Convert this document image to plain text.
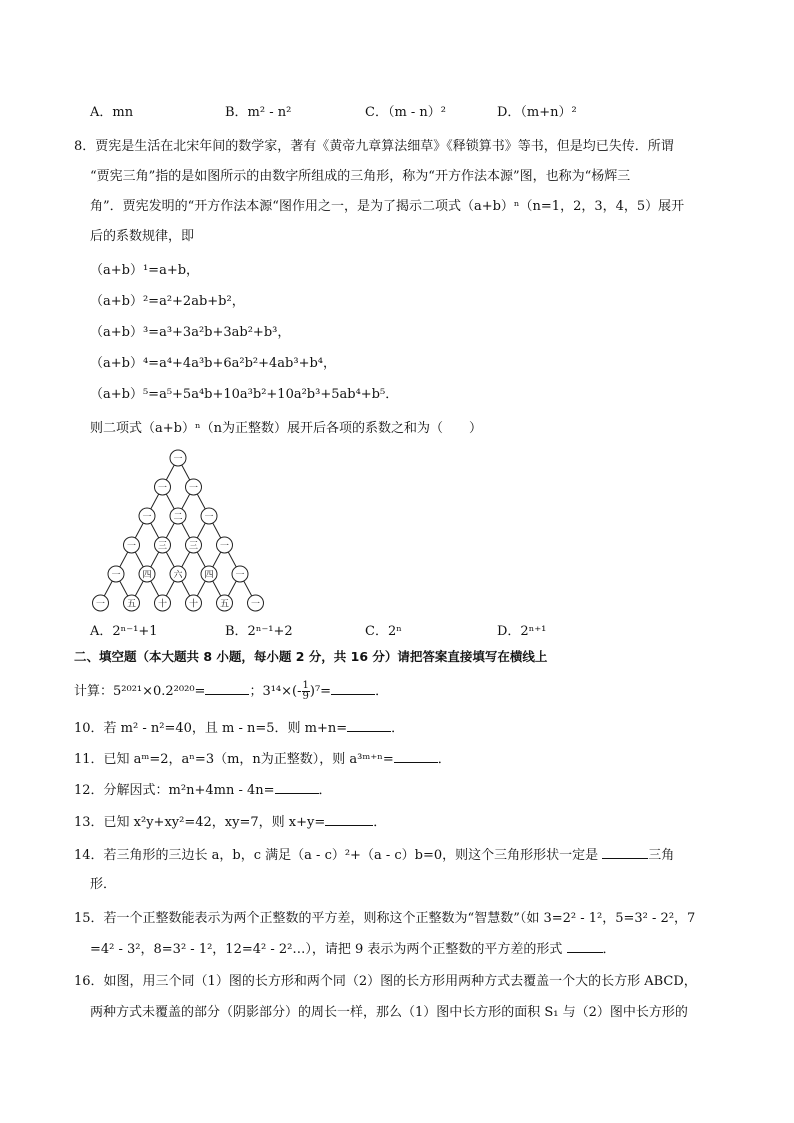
A．mn	B．m² - n²	C．（m - n）²	D．（m+n）²
8．贾宪是生活在北宋年间的数学家，著有《黄帝九章算法细草》《释锁算书》等书，但是均已失传．所谓
“贾宪三角”指的是如图所示的由数字所组成的三角形，称为“开方作法本源”图，也称为“杨辉三
角”．贾宪发明的“开方作法本源“图作用之一，是为了揭示二项式（a+b）ⁿ（n=1，2，3，4，5）展开
后的系数规律，即
（a+b）¹=a+b，
（a+b）²=a²+2ab+b²，
（a+b）³=a³+3a²b+3ab²+b³，
（a+b）⁴=a⁴+4a³b+6a²b²+4ab³+b⁴，
（a+b）⁵=a⁵+5a⁴b+10a³b²+10a²b³+5ab⁴+b⁵．
则二项式（a+b）ⁿ（n为正整数）展开后各项的系数之和为（　　）
一
一 一
一 二 一
一 三 三 一
一 四 六 四 一
一 五 十 十 五 一
A．2ⁿ⁻¹+1	B．2ⁿ⁻¹+2	C．2ⁿ	D．2ⁿ⁺¹
二、填空题（本大题共 8 小题，每小题 2 分，共 16 分）请把答案直接填写在横线上
计算：5²⁰²¹×0.2²⁰²⁰=	；$3^{14}\times(- \frac{1}{9} )^7=$	．
10．若 m² - n²=40，且 m - n=5．则 m+n=	．
11．已知 aᵐ=2，aⁿ=3（m，n为正整数），则 a³ᵐ⁺ⁿ=	．
12．分解因式：m²n+4mn - 4n=	．
13．已知 x²y+xy²=42，xy=7，则 x+y=	．
14．若三角形的三边长 a，b，c 满足（a - c）²+（a - c）b=0，则这个三角形形状一定是	三角
形．
15．若一个正整数能表示为两个正整数的平方差，则称这个正整数为“智慧数”（如 3=2² - 1²，5=3² - 2²，7
=4² - 3²，8=3² - 1²，12=4² - 2²…），请把 9 表示为两个正整数的平方差的形式	．
16．如图，用三个同（1）图的长方形和两个同（2）图的长方形用两种方式去覆盖一个大的长方形 ABCD，
两种方式未覆盖的部分（阴影部分）的周长一样，那么（1）图中长方形的面积 S₁ 与（2）图中长方形的
